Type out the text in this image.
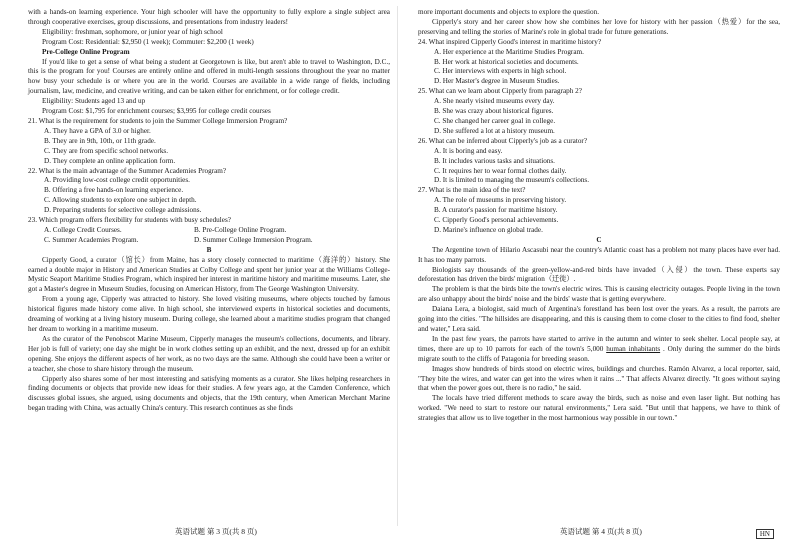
with a hands-on learning experience. Your high schooler will have the opportunity to fully explore a single subject area through cooperative exercises, group discussions, and presentations from industry leaders!

Eligibility: freshman, sophomore, or junior year of high school

Program Cost: Residential: $2,950 (1 week); Commuter: $2,200 (1 week)

Pre-College Online Program

If you'd like to get a sense of what being a student at Georgetown is like, but aren't able to travel to Washington, D.C., this is the program for you! Courses are entirely online and offered in multi-length sessions throughout the year no matter how busy your schedule is or where you are in the world. Courses are available in a wide range of fields, including journalism, law, medicine, and creative writing, and can be taken either for enrichment, or for college credit.

Eligibility: Students aged 13 and up

Program Cost: $1,795 for enrichment courses; $3,995 for college credit courses

21. What is the requirement for students to join the Summer College Immersion Program?

A. They have a GPA of 3.0 or higher.

B. They are in 9th, 10th, or 11th grade.

C. They are from specific school networks.

D. They complete an online application form.

22. What is the main advantage of the Summer Academies Program?

A. Providing low-cost college credit opportunities.

B. Offering a free hands-on learning experience.

C. Allowing students to explore one subject in depth.

D. Preparing students for selective college admissions.

23. Which program offers flexibility for students with busy schedules?

A. College Credit Courses.	B. Pre-College Online Program.
C. Summer Academies Program.	D. Summer College Immersion Program.

B

Cipperly Good, a curator（馆长）from Maine, has a story closely connected to maritime（海洋的）history. She earned a double major in History and American Studies at Colby College and spent her junior year at the Williams College-Mystic Seaport Maritime Studies Program, which inspired her interest in maritime history and maritime museums. Later, she got a Master's degree in Museum Studies, focusing on American History, from The George Washington University.

From a young age, Cipperly was attracted to history. She loved visiting museums, where objects touched by famous historical figures made history come alive. In high school, she interviewed experts in historical societies and documents, dreaming of working at a living history museum. During college, she learned about a maritime studies program that changed her dream to working in a maritime museum.

As the curator of the Penobscot Marine Museum, Cipperly manages the museum's collections, documents, and library. Her job is full of variety; one day she might be in work clothes setting up an exhibit, and the next, dressed up for an exhibit opening. She enjoys the different aspects of her work, as no two days are the same. Although she could have been a writer or a teacher, she chose to share history through the museum.

Cipperly also shares some of her most interesting and satisfying moments as a curator. She likes helping researchers in finding documents or objects that provide new ideas for their studies. A few years ago, at the Camden Conference, which discusses global issues, she argued, using documents and objects, that the 19th century, when American Merchant Marine began trading with China, was actually China's century. This research continues as she finds

more important documents and objects to explore the question.

Cipperly's story and her career show how she combines her love for history with her passion（热爱）for the sea, preserving and telling the stories of Marine's role in global trade for future generations.

24. What inspired Cipperly Good's interest in maritime history?

A. Her experience at the Maritime Studies Program.

B. Her work at historical societies and documents.

C. Her interviews with experts in high school.

D. Her Master's degree in Museum Studies.

25. What can we learn about Cipperly from paragraph 2?

A. She nearly visited museums every day.

B. She was crazy about historical figures.

C. She changed her career goal in college.

D. She suffered a lot at a history museum.

26. What can be inferred about Cipperly's job as a curator?

A. It is boring and easy.

B. It includes various tasks and situations.

C. It requires her to wear formal clothes daily.

D. It is limited to managing the museum's collections.

27. What is the main idea of the text?

A. The role of museums in preserving history.

B. A curator's passion for maritime history.

C. Cipperly Good's personal achievements.

D. Marine's influence on global trade.

C

The Argentine town of Hilario Ascasubi near the country's Atlantic coast has a problem not many places have ever had. It has too many parrots.

Biologists say thousands of the green-yellow-and-red birds have invaded（入侵）the town. These experts say deforestation has driven the birds' migration（迁徙）.

The problem is that the birds bite the town's electric wires. This is causing electricity outages. People living in the town are also unhappy about the birds' noise and the birds' waste that is getting everywhere.

Daiana Lera, a biologist, said much of Argentina's forestland has been lost over the years. As a result, the parrots are going into the cities. "The hillsides are disappearing, and this is causing them to come closer to the cities to find food, shelter and water," Lera said.

In the past few years, the parrots have started to arrive in the autumn and winter to seek shelter. Local people say, at times, there are up to 10 parrots for each of the town's 5,000 human inhabitants . Only during the summer do the birds migrate south to the cliffs of Patagonia for breeding season.

Images show hundreds of birds stood on electric wires, buildings and churches. Ramón Alvarez, a local reporter, said, "They bite the wires, and water can get into the wires when it rains ..." That affects Alvarez directly. "It goes without saying that when the power goes out, there is no radio," he said.

The locals have tried different methods to scare away the birds, such as noise and even laser light. But nothing has worked. "We need to start to restore our natural environments," Lera said. "But until that happens, we have to think of strategies that allow us to live together in the most harmonious way possible in our town."

英语试题 第 3 页(共 8 页)	英语试题 第 4 页(共 8 页)	HN
